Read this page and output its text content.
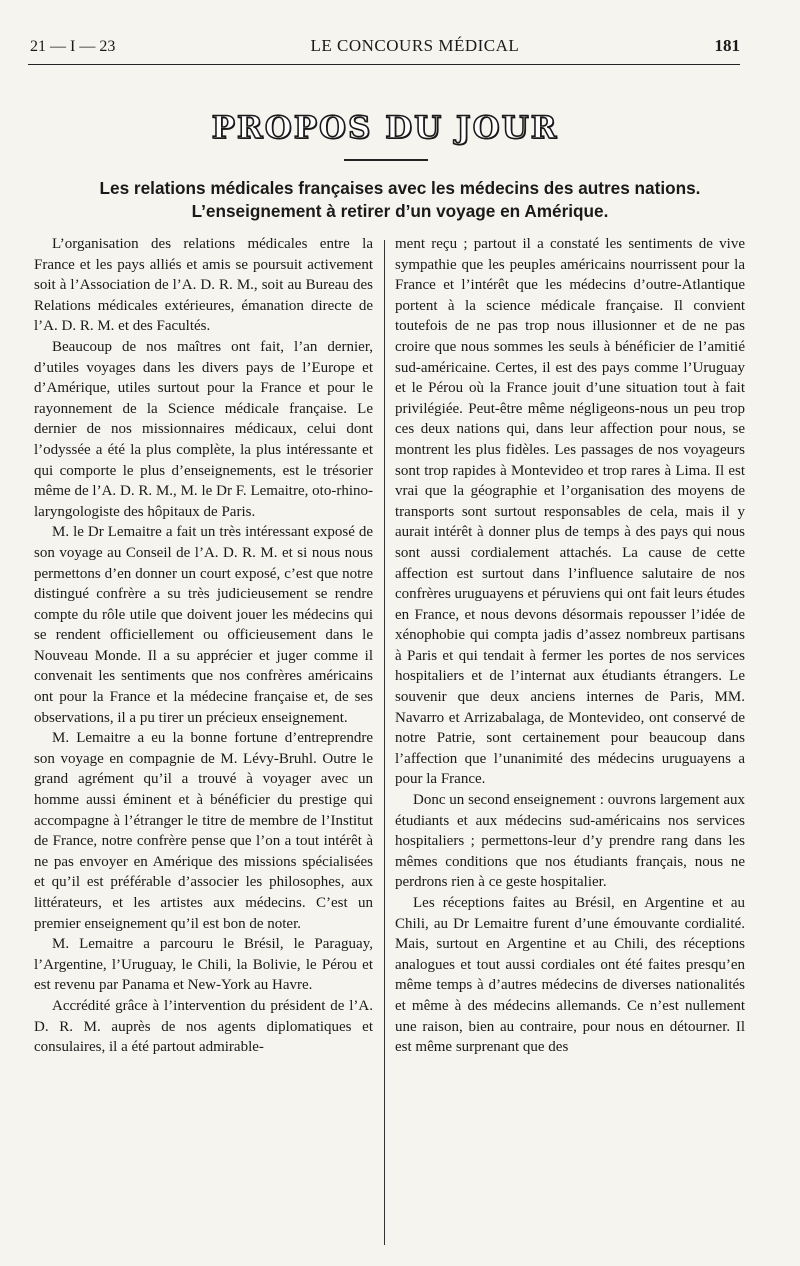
21 — I — 23	LE CONCOURS MÉDICAL	181
PROPOS DU JOUR
Les relations médicales françaises avec les médecins des autres nations.
L’enseignement à retirer d’un voyage en Amérique.

L’organisation des relations médicales entre la France et les pays alliés et amis se poursuit activement soit à l’Association de l’A. D. R. M., soit au Bureau des Relations médicales extérieures, émanation directe de l’A. D. R. M. et des Facultés.

Beaucoup de nos maîtres ont fait, l’an dernier, d’utiles voyages dans les divers pays de l’Europe et d’Amérique, utiles surtout pour la France et pour le rayonnement de la Science médicale française. Le dernier de nos missionnaires médicaux, celui dont l’odyssée a été la plus complète, la plus intéressante et qui comporte le plus d’enseignements, est le trésorier même de l’A. D. R. M., M. le Dr F. Lemaitre, oto-rhino-laryngologiste des hôpitaux de Paris.

M. le Dr Lemaitre a fait un très intéressant exposé de son voyage au Conseil de l’A. D. R. M. et si nous nous permettons d’en donner un court exposé, c’est que notre distingué confrère a su très judicieusement se rendre compte du rôle utile que doivent jouer les médecins qui se rendent officiellement ou officieusement dans le Nouveau Monde. Il a su apprécier et juger comme il convenait les sentiments que nos confrères américains ont pour la France et la médecine française et, de ses observations, il a pu tirer un précieux enseignement.

M. Lemaitre a eu la bonne fortune d’entreprendre son voyage en compagnie de M. Lévy-Bruhl. Outre le grand agrément qu’il a trouvé à voyager avec un homme aussi éminent et à bénéficier du prestige qui accompagne à l’étranger le titre de membre de l’Institut de France, notre confrère pense que l’on a tout intérêt à ne pas envoyer en Amérique des missions spécialisées et qu’il est préférable d’associer les philosophes, aux littérateurs, et les artistes aux médecins. C’est un premier enseignement qu’il est bon de noter.

M. Lemaitre a parcouru le Brésil, le Paraguay, l’Argentine, l’Uruguay, le Chili, la Bolivie, le Pérou et est revenu par Panama et New-York au Havre.

Accrédité grâce à l’intervention du président de l’A. D. R. M. auprès de nos agents diplomatiques et consulaires, il a été partout admirable-

ment reçu ; partout il a constaté les sentiments de vive sympathie que les peuples américains nourrissent pour la France et l’intérêt que les médecins d’outre-Atlantique portent à la science médicale française. Il convient toutefois de ne pas trop nous illusionner et de ne pas croire que nous sommes les seuls à bénéficier de l’amitié sud-américaine. Certes, il est des pays comme l’Uruguay et le Pérou où la France jouit d’une situation tout à fait privilégiée. Peut-être même négligeons-nous un peu trop ces deux nations qui, dans leur affection pour nous, se montrent les plus fidèles. Les passages de nos voyageurs sont trop rapides à Montevideo et trop rares à Lima. Il est vrai que la géographie et l’organisation des moyens de transports sont surtout responsables de cela, mais il y aurait intérêt à donner plus de temps à des pays qui nous sont aussi cordialement attachés. La cause de cette affection est surtout dans l’influence salutaire de nos confrères uruguayens et péruviens qui ont fait leurs études en France, et nous devons désormais repousser l’idée de xénophobie qui compta jadis d’assez nombreux partisans à Paris et qui tendait à fermer les portes de nos services hospitaliers et de l’internat aux étudiants étrangers. Le souvenir que deux anciens internes de Paris, MM. Navarro et Arrizabalaga, de Montevideo, ont conservé de notre Patrie, sont certainement pour beaucoup dans l’affection que l’unanimité des médecins uruguayens a pour la France.

Donc un second enseignement : ouvrons largement aux étudiants et aux médecins sud-américains nos services hospitaliers ; permettons-leur d’y prendre rang dans les mêmes conditions que nos étudiants français, nous ne perdrons rien à ce geste hospitalier.

Les réceptions faites au Brésil, en Argentine et au Chili, au Dr Lemaitre furent d’une émouvante cordialité. Mais, surtout en Argentine et au Chili, des réceptions analogues et tout aussi cordiales ont été faites presqu’en même temps à d’autres médecins de diverses nationalités et même à des médecins allemands. Ce n’est nullement une raison, bien au contraire, pour nous en détourner. Il est même surprenant que des
